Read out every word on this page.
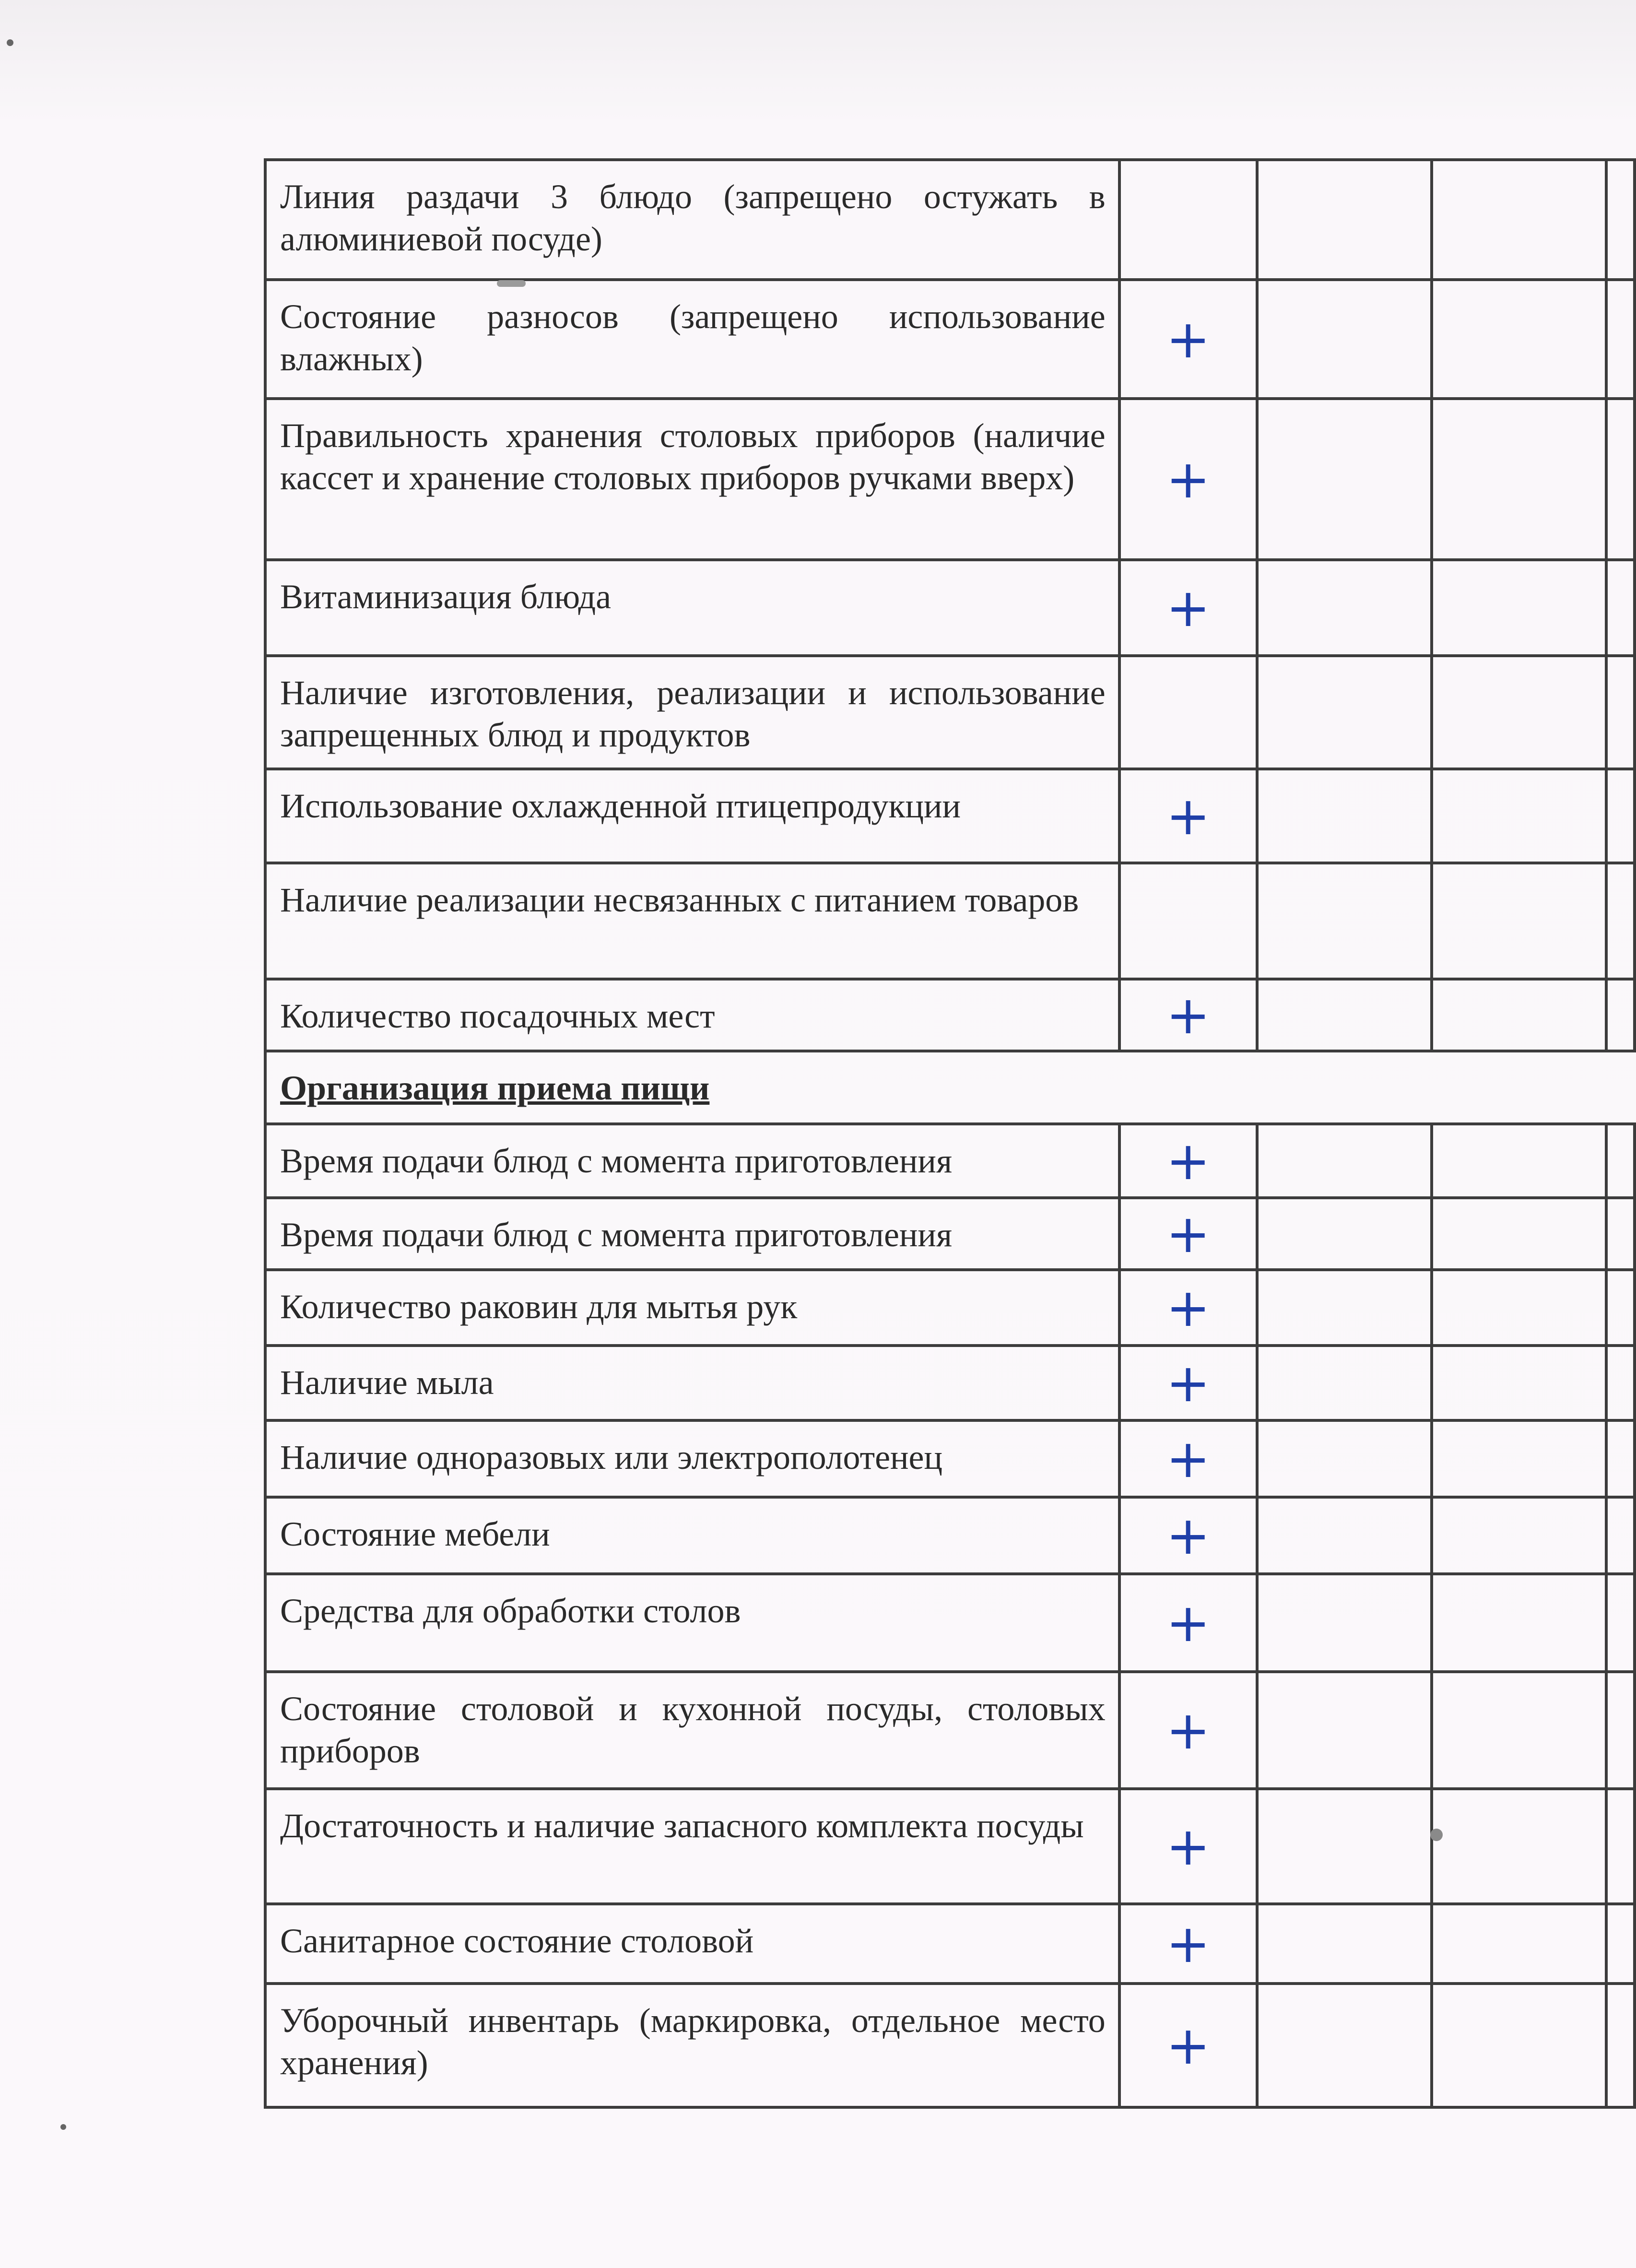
Линия раздачи 3 блюдо (запрещено остужать в алюминиевой посуде)				

Состояние разносов (запрещено использование влажных)	+			

Правильность хранения столовых приборов (наличие кассет и хранение столовых приборов ручками вверх)	+			

Витаминизация блюда	+			

Наличие изготовления, реализации и использование запрещенных блюд и продуктов				

Использование охлажденной птицепродукции	+			

Наличие реализации несвязанных с питанием товаров				

Количество посадочных мест	+			

Организация приема пищи				

Время подачи блюд с момента приготовления	+			

Время подачи блюд с момента приготовления	+			

Количество раковин для мытья рук	+			

Наличие мыла	+			

Наличие одноразовых или электрополотенец	+			

Состояние мебели	+			

Средства для обработки столов	+			

Состояние столовой и кухонной посуды, столовых приборов	+			

Достаточность и наличие запасного комплекта посуды	+			

Санитарное состояние столовой	+			

Уборочный инвентарь (маркировка, отдельное место хранения)	+			
